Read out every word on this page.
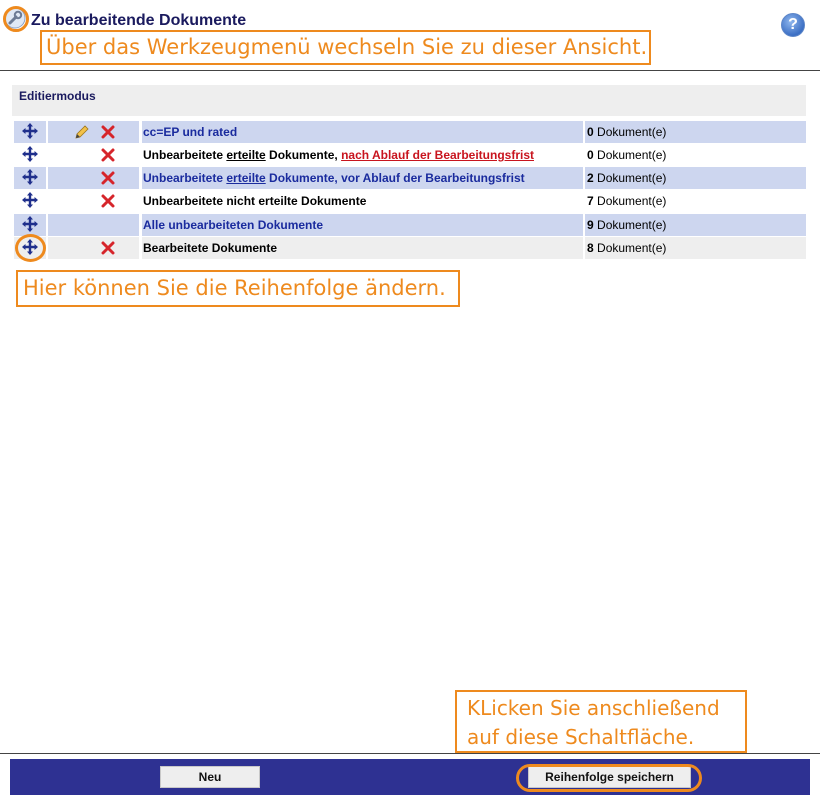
Zu bearbeitende Dokumente	?
Über das Werkzeugmenü wechseln Sie zu dieser Ansicht.
Editiermodus
cc=EP und rated	0 Dokument(e)
Unbearbeitete erteilte Dokumente, nach Ablauf der Bearbeitungsfrist	0 Dokument(e)
Unbearbeitete erteilte Dokumente, vor Ablauf der Bearbeitungsfrist	2 Dokument(e)
Unbearbeitete nicht erteilte Dokumente	7 Dokument(e)
Alle unbearbeiteten Dokumente	9 Dokument(e)
Bearbeitete Dokumente	8 Dokument(e)
Hier können Sie die Reihenfolge ändern.
KLicken Sie anschließend auf diese Schaltfläche.
Neu	Reihenfolge speichern
